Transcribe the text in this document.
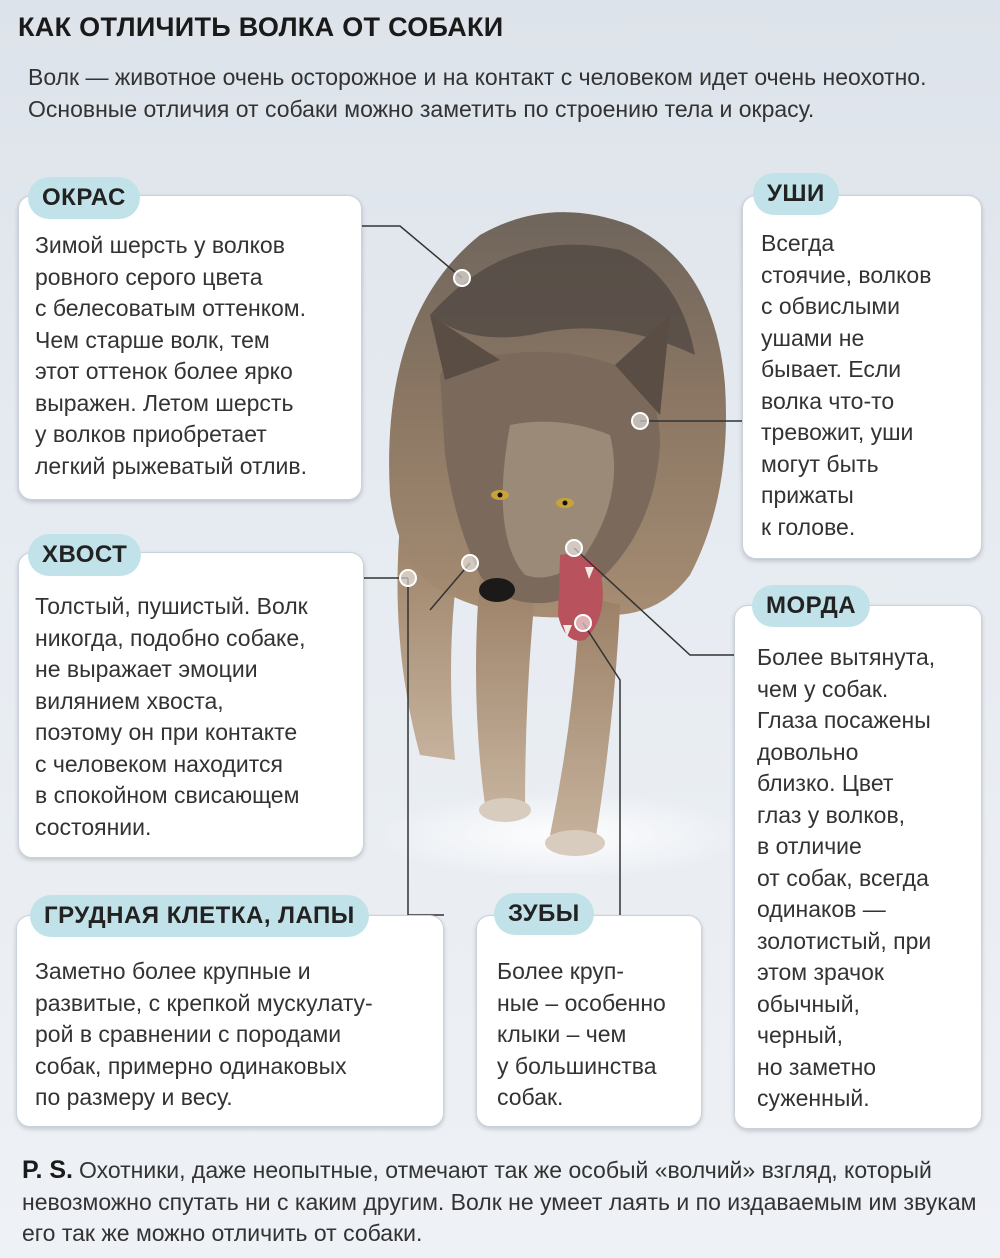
КАК ОТЛИЧИТЬ ВОЛКА ОТ СОБАКИ

Волк — животное очень осторожное и на контакт с человеком идет очень неохотно. Основные отличия от собаки можно заметить по строению тела и окрасу.

Зимой шерсть у волков
ровного серого цвета
с белесоватым оттенком.
Чем старше волк, тем
этот оттенок более ярко
выражен. Летом шерсть
у волков приобретает
легкий рыжеватый отлив.

ОКРАС

Всегда
стоячие, волков
с обвислыми
ушами не
бывает. Если
волка что-то
тревожит, уши
могут быть
прижаты
к голове.

УШИ

Толстый, пушистый. Волк
никогда, подобно собаке,
не выражает эмоции
вилянием хвоста,
поэтому он при контакте
с человеком находится
в спокойном свисающем
состоянии.

ХВОСТ

Более вытянута,
чем у собак.
Глаза посажены
довольно
близко. Цвет
глаз у волков,
в отличие
от собак, всегда
одинаков —
золотистый, при
этом зрачок
обычный,
черный,
но заметно
суженный.

МОРДА

Заметно более крупные и
развитые, с крепкой мускулату-
рой в сравнении с породами
собак, примерно одинаковых
по размеру и весу.

ГРУДНАЯ КЛЕТКА, ЛАПЫ

Более круп-
ные – особенно
клыки – чем
у большинства
собак.

ЗУБЫ

P. S. Охотники, даже неопытные, отмечают так же особый «волчий» взгляд, который невозможно спутать ни с каким другим. Волк не умеет лаять и по издаваемым им звукам его так же можно отличить от собаки.
